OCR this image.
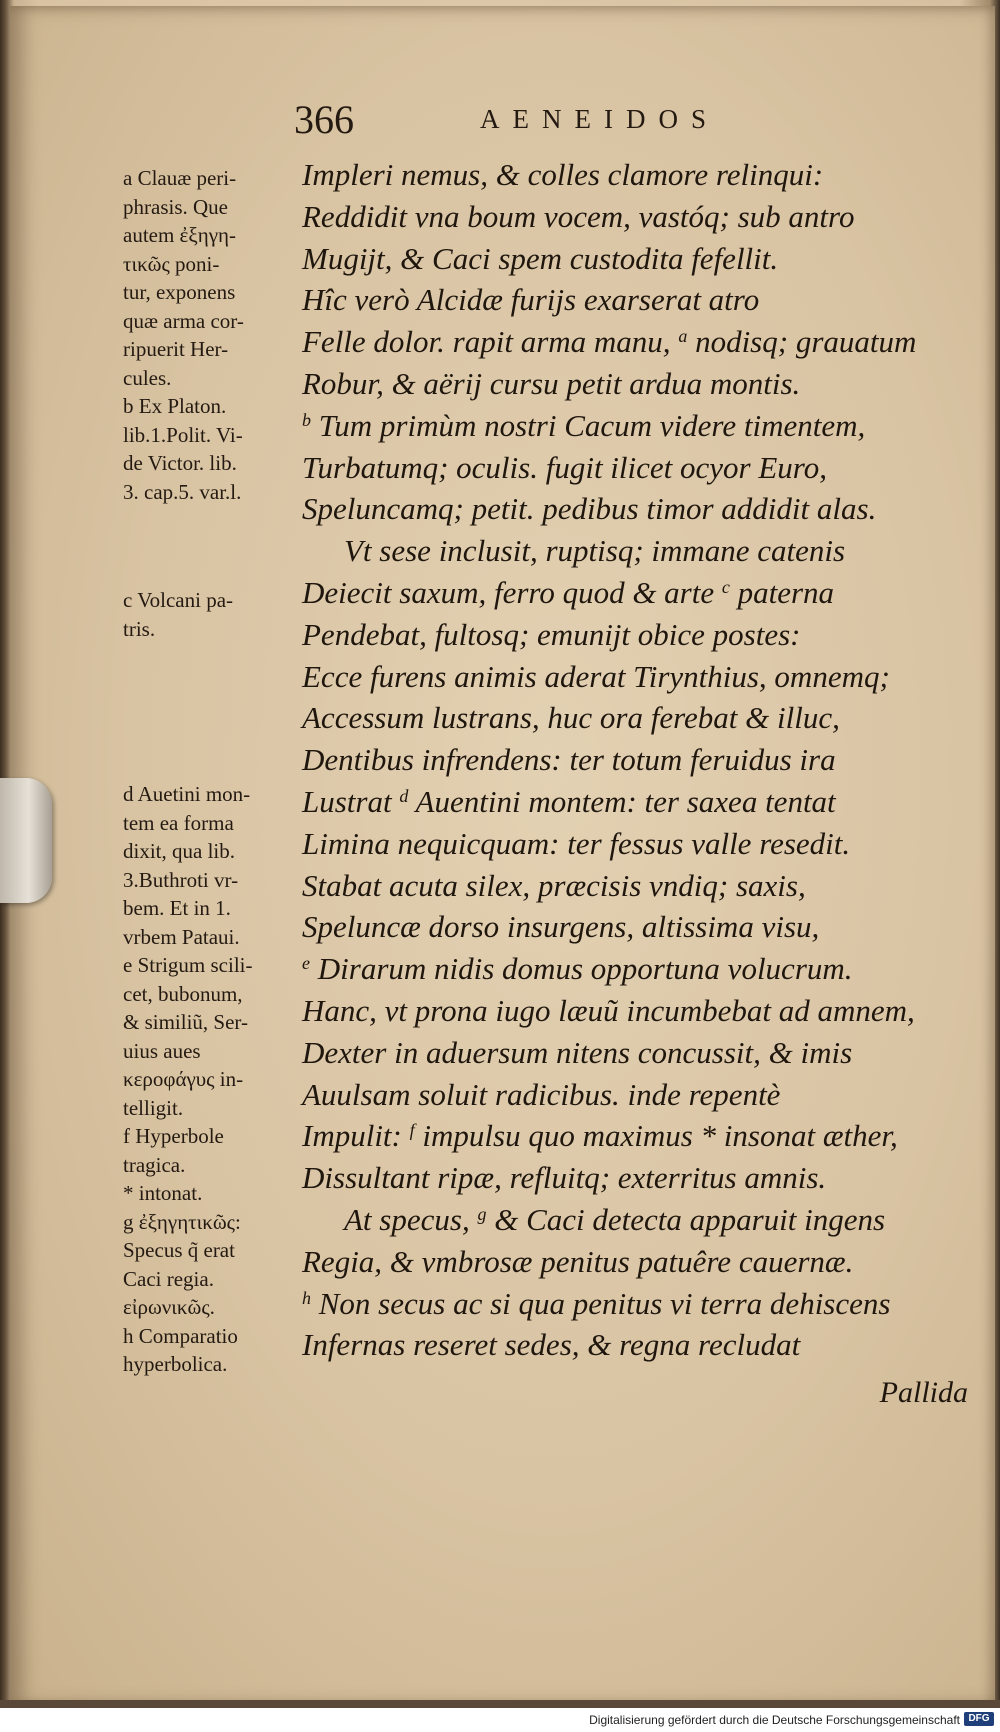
366	AENEIDOS
Impleri nemus, & colles clamore relinqui:
Reddidit vna boum vocem, vastóq; sub antro
Mugijt, & Caci spem custodita fefellit.
Hîc verò Alcidæ furijs exarserat atro
Felle dolor. rapit arma manu, $^a$ nodisq; grauatum
Robur, & aërij cursu petit ardua montis.
$^b$ Tum primùm nostri Cacum videre timentem,
Turbatumq; oculis. fugit ilicet ocyor Euro,
Speluncamq; petit. pedibus timor addidit alas.
Vt sese inclusit, ruptisq; immane catenis
Deiecit saxum, ferro quod & arte $^c$ paterna
Pendebat, fultosq; emunijt obice postes:
Ecce furens animis aderat Tirynthius, omnemq;
Accessum lustrans, huc ora ferebat & illuc,
Dentibus infrendens: ter totum feruidus ira
Lustrat $^d$ Auentini montem: ter saxea tentat
Limina nequicquam: ter fessus valle resedit.
Stabat acuta silex, præcisis vndiq; saxis,
Speluncæ dorso insurgens, altissima visu,
$^e$ Dirarum nidis domus opportuna volucrum.
Hanc, vt prona iugo læuũ incumbebat ad amnem,
Dexter in aduersum nitens concussit, & imis
Auulsam soluit radicibus. inde repentè
Impulit: $^f$ impulsu quo maximus * insonat æther,
Dissultant ripæ, refluitq; exterritus amnis.
At specus, $^g$ & Caci detecta apparuit ingens
Regia, & vmbrosæ penitus patuêre cauernæ.
$^h$ Non secus ac si qua penitus vi terra dehiscens
Infernas reseret sedes, & regna recludat
Pallida
a Clauæ peri-
phrasis. Que
autem ἐξηγη-
τικῶς poni-
tur, exponens
quæ arma cor-
ripuerit Her-
cules.
b Ex Platon.
lib.1.Polit. Vi-
de Victor. lib.
3. cap.5. var.l.
c Volcani pa-
tris.
d Auetini mon-
tem ea forma
dixit, qua lib.
3.Buthroti vr-
bem. Et in 1.
vrbem Pataui.
e Strigum scili-
cet, bubonum,
& similiũ, Ser-
uius aues
κεροφάγυς in-
telligit.
f Hyperbole
tragica.
* intonat.
g ἐξηγητικῶς:
Specus q̃ erat
Caci regia.
εἰρωνικῶς.
h Comparatio
hyperbolica.
Digitalisierung gefördert durch die Deutsche Forschungsgemeinschaft DFG
